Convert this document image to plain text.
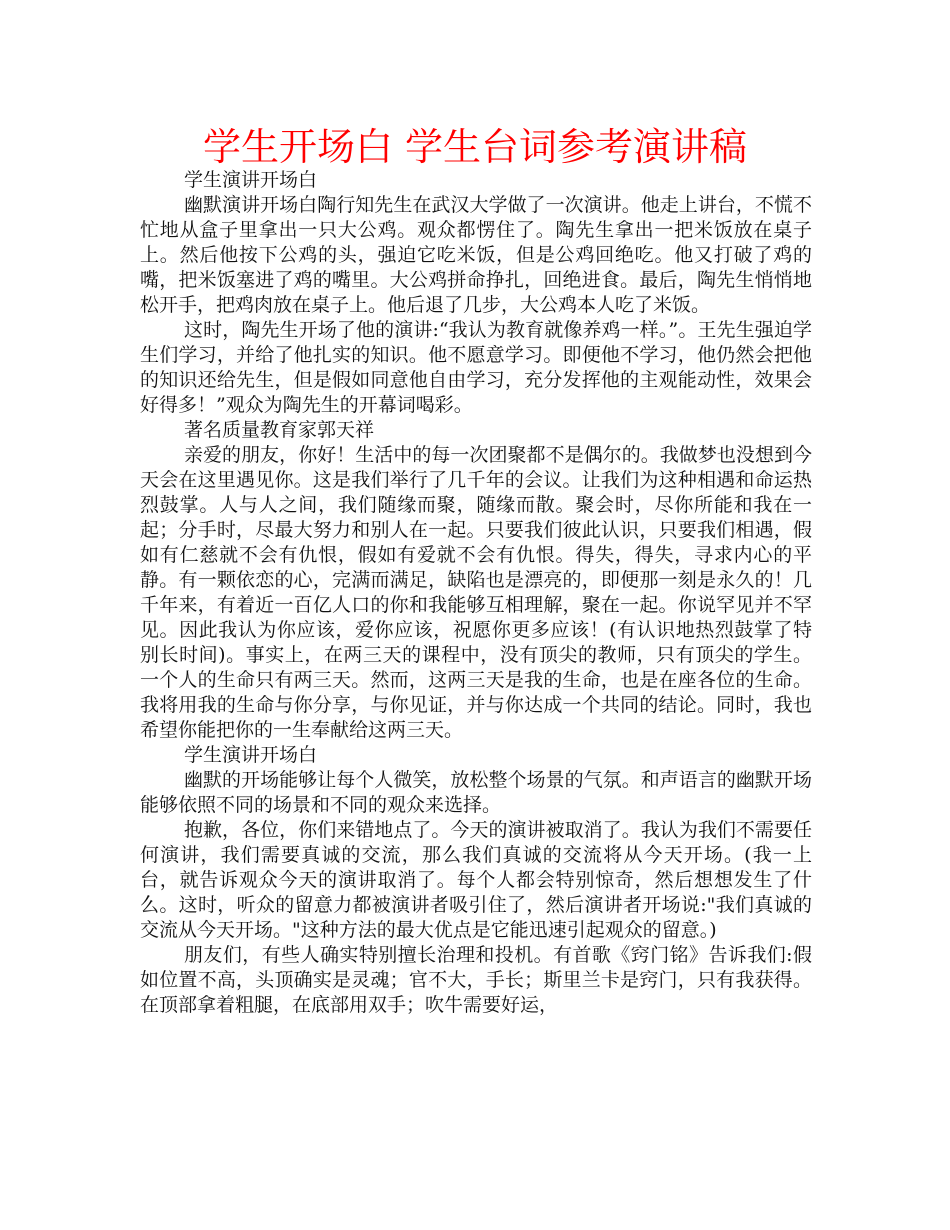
学生开场白 学生台词参考演讲稿

学生演讲开场白

幽默演讲开场白陶行知先生在武汉大学做了一次演讲。他走上讲台，不慌不忙地从盒子里拿出一只大公鸡。观众都愣住了。陶先生拿出一把米饭放在桌子上。然后他按下公鸡的头，强迫它吃米饭，但是公鸡回绝吃。他又打破了鸡的嘴，把米饭塞进了鸡的嘴里。大公鸡拼命挣扎，回绝进食。最后，陶先生悄悄地松开手，把鸡肉放在桌子上。他后退了几步，大公鸡本人吃了米饭。

这时，陶先生开场了他的演讲:“我认为教育就像养鸡一样。”。王先生强迫学生们学习，并给了他扎实的知识。他不愿意学习。即便他不学习，他仍然会把他的知识还给先生，但是假如同意他自由学习，充分发挥他的主观能动性，效果会好得多！”观众为陶先生的开幕词喝彩。

著名质量教育家郭天祥

亲爱的朋友，你好！生活中的每一次团聚都不是偶尔的。我做梦也没想到今天会在这里遇见你。这是我们举行了几千年的会议。让我们为这种相遇和命运热烈鼓掌。人与人之间，我们随缘而聚，随缘而散。聚会时，尽你所能和我在一起；分手时，尽最大努力和别人在一起。只要我们彼此认识，只要我们相遇，假如有仁慈就不会有仇恨，假如有爱就不会有仇恨。得失，得失，寻求内心的平静。有一颗依恋的心，完满而满足，缺陷也是漂亮的，即便那一刻是永久的！几千年来，有着近一百亿人口的你和我能够互相理解，聚在一起。你说罕见并不罕见。因此我认为你应该，爱你应该，祝愿你更多应该！(有认识地热烈鼓掌了特别长时间)。事实上，在两三天的课程中，没有顶尖的教师，只有顶尖的学生。一个人的生命只有两三天。然而，这两三天是我的生命，也是在座各位的生命。我将用我的生命与你分享，与你见证，并与你达成一个共同的结论。同时，我也希望你能把你的一生奉献给这两三天。

学生演讲开场白

幽默的开场能够让每个人微笑，放松整个场景的气氛。和声语言的幽默开场能够依照不同的场景和不同的观众来选择。

抱歉，各位，你们来错地点了。今天的演讲被取消了。我认为我们不需要任何演讲，我们需要真诚的交流，那么我们真诚的交流将从今天开场。(我一上台，就告诉观众今天的演讲取消了。每个人都会特别惊奇，然后想想发生了什么。这时，听众的留意力都被演讲者吸引住了，然后演讲者开场说:"我们真诚的交流从今天开场。"这种方法的最大优点是它能迅速引起观众的留意。)

朋友们，有些人确实特别擅长治理和投机。有首歌《窍门铭》告诉我们:假如位置不高，头顶确实是灵魂；官不大，手长；斯里兰卡是窍门，只有我获得。在顶部拿着粗腿，在底部用双手；吹牛需要好运，
